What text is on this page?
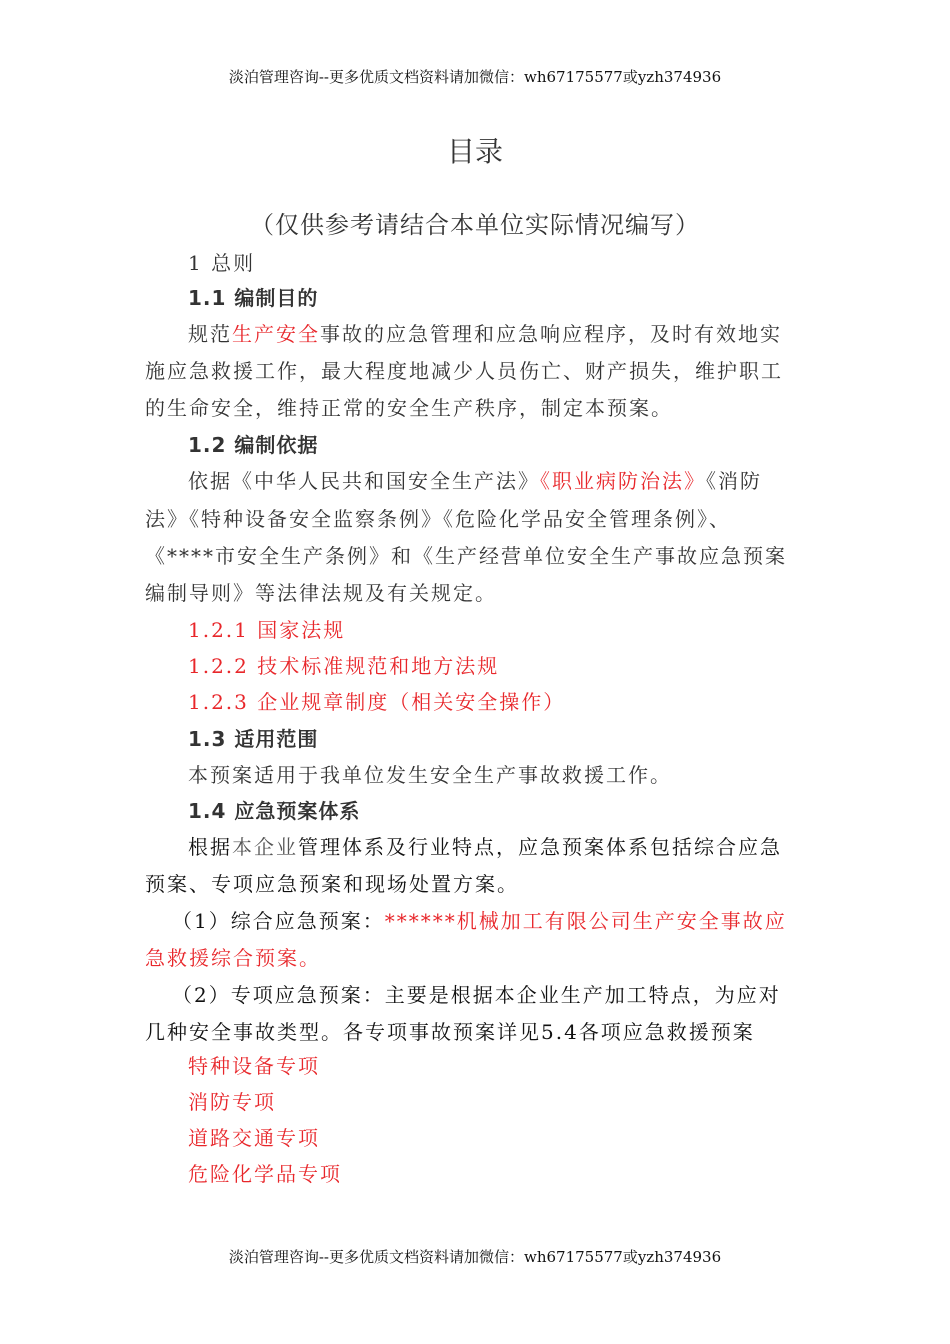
淡泊管理咨询--更多优质文档资料请加微信：wh67175577或yzh374936
目录
（仅供参考请结合本单位实际情况编写）
1 总则
1.1 编制目的
规范生产安全事故的应急管理和应急响应程序，及时有效地实
施应急救援工作，最大程度地减少人员伤亡、财产损失，维护职工
的生命安全，维持正常的安全生产秩序，制定本预案。
1.2 编制依据
依据《中华人民共和国安全生产法》《职业病防治法》《消防
法》《特种设备安全监察条例》《危险化学品安全管理条例》、
《****市安全生产条例》和《生产经营单位安全生产事故应急预案
编制导则》等法律法规及有关规定。
1.2.1 国家法规
1.2.2 技术标准规范和地方法规
1.2.3 企业规章制度（相关安全操作）
1.3 适用范围
本预案适用于我单位发生安全生产事故救援工作。
1.4 应急预案体系
根据本企业管理体系及行业特点，应急预案体系包括综合应急
预案、专项应急预案和现场处置方案。
（1）综合应急预案：******机械加工有限公司生产安全事故应
急救援综合预案。
（2）专项应急预案：主要是根据本企业生产加工特点，为应对
几种安全事故类型。各专项事故预案详见5.4各项应急救援预案
特种设备专项
消防专项
道路交通专项
危险化学品专项
淡泊管理咨询--更多优质文档资料请加微信：wh67175577或yzh374936
